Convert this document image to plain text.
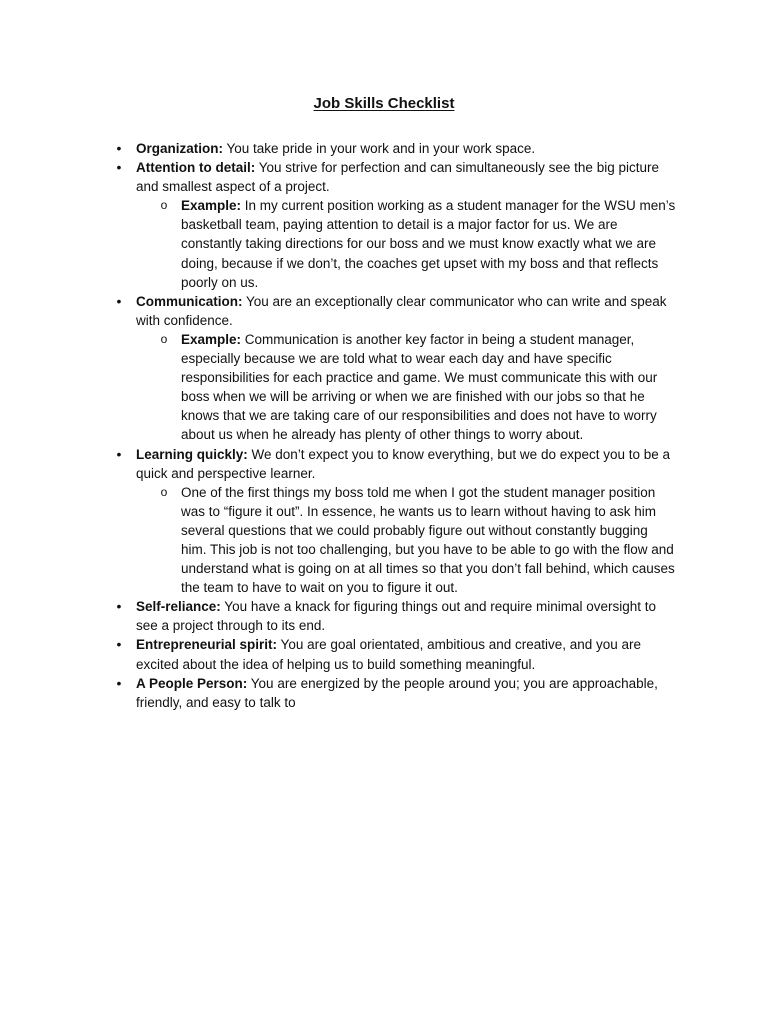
Job Skills Checklist
•	Organization: You take pride in your work and in your work space.
•	Attention to detail: You strive for perfection and can simultaneously see the big picture and smallest aspect of a project.
o Example: In my current position working as a student manager for the WSU men’s basketball team, paying attention to detail is a major factor for us. We are constantly taking directions for our boss and we must know exactly what we are doing, because if we don’t, the coaches get upset with my boss and that reflects poorly on us.
•	Communication: You are an exceptionally clear communicator who can write and speak with confidence.
o Example: Communication is another key factor in being a student manager, especially because we are told what to wear each day and have specific responsibilities for each practice and game. We must communicate this with our boss when we will be arriving or when we are finished with our jobs so that he knows that we are taking care of our responsibilities and does not have to worry about us when he already has plenty of other things to worry about.
•	Learning quickly: We don’t expect you to know everything, but we do expect you to be a quick and perspective learner.
o One of the first things my boss told me when I got the student manager position was to “figure it out”. In essence, he wants us to learn without having to ask him several questions that we could probably figure out without constantly bugging him. This job is not too challenging, but you have to be able to go with the flow and understand what is going on at all times so that you don’t fall behind, which causes the team to have to wait on you to figure it out.
•	Self-reliance: You have a knack for figuring things out and require minimal oversight to see a project through to its end.
•	Entrepreneurial spirit: You are goal orientated, ambitious and creative, and you are excited about the idea of helping us to build something meaningful.
•	A People Person: You are energized by the people around you; you are approachable, friendly, and easy to talk to
